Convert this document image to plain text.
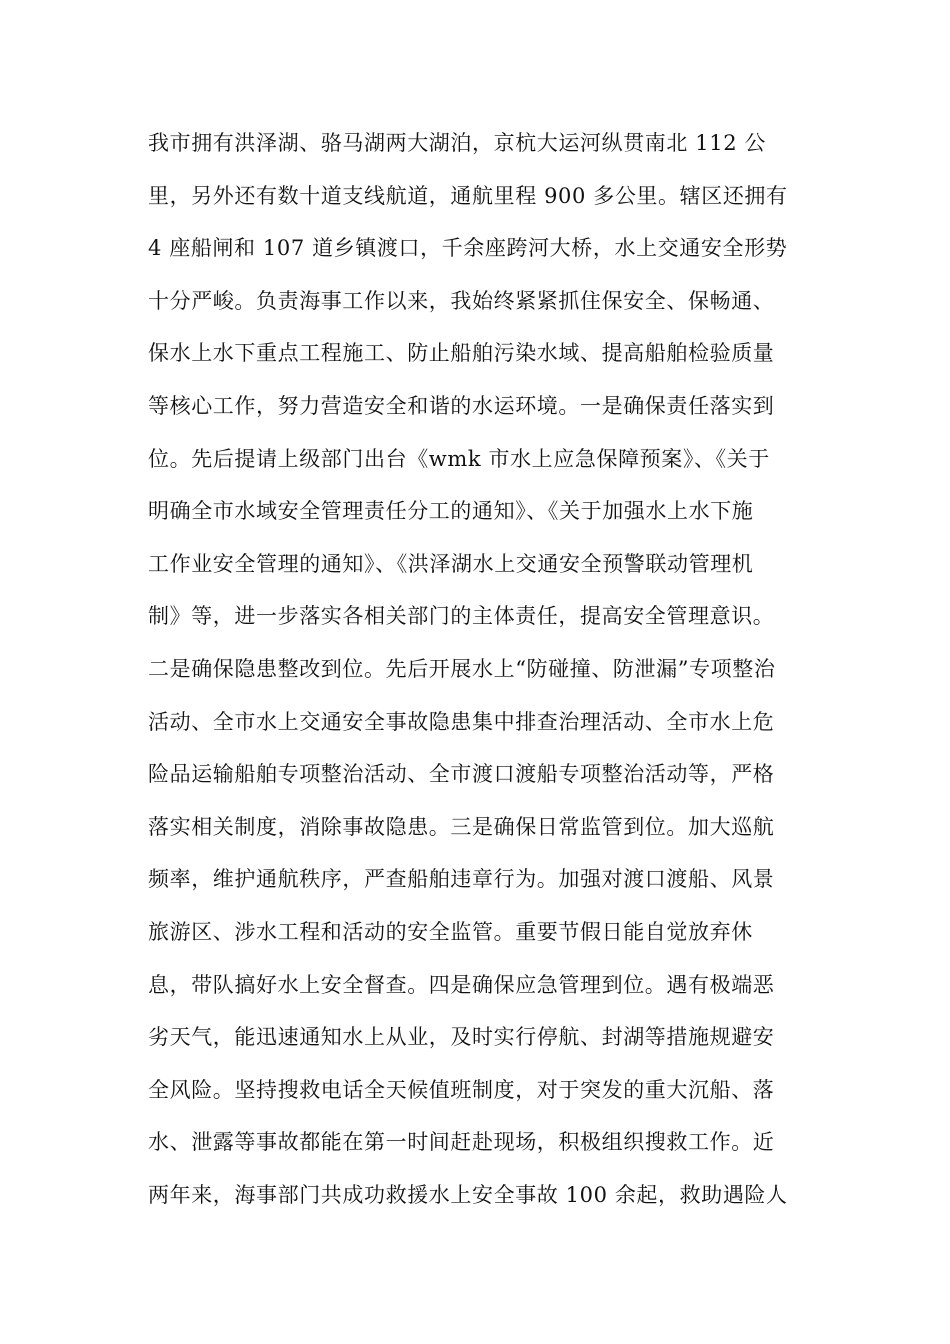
我市拥有洪泽湖、骆马湖两大湖泊，京杭大运河纵贯南北 112 公
里，另外还有数十道支线航道，通航里程 900 多公里。辖区还拥有
4 座船闸和 107 道乡镇渡口，千余座跨河大桥，水上交通安全形势
十分严峻。负责海事工作以来，我始终紧紧抓住保安全、保畅通、
保水上水下重点工程施工、防止船舶污染水域、提高船舶检验质量
等核心工作，努力营造安全和谐的水运环境。一是确保责任落实到
位。先后提请上级部门出台《wmk 市水上应急保障预案》、《关于
明确全市水域安全管理责任分工的通知》、《关于加强水上水下施
工作业安全管理的通知》、《洪泽湖水上交通安全预警联动管理机
制》等，进一步落实各相关部门的主体责任，提高安全管理意识。
二是确保隐患整改到位。先后开展水上“防碰撞、防泄漏”专项整治
活动、全市水上交通安全事故隐患集中排查治理活动、全市水上危
险品运输船舶专项整治活动、全市渡口渡船专项整治活动等，严格
落实相关制度，消除事故隐患。三是确保日常监管到位。加大巡航
频率，维护通航秩序，严查船舶违章行为。加强对渡口渡船、风景
旅游区、涉水工程和活动的安全监管。重要节假日能自觉放弃休
息，带队搞好水上安全督查。四是确保应急管理到位。遇有极端恶
劣天气，能迅速通知水上从业，及时实行停航、封湖等措施规避安
全风险。坚持搜救电话全天候值班制度，对于突发的重大沉船、落
水、泄露等事故都能在第一时间赶赴现场，积极组织搜救工作。近
两年来，海事部门共成功救援水上安全事故 100 余起，救助遇险人
